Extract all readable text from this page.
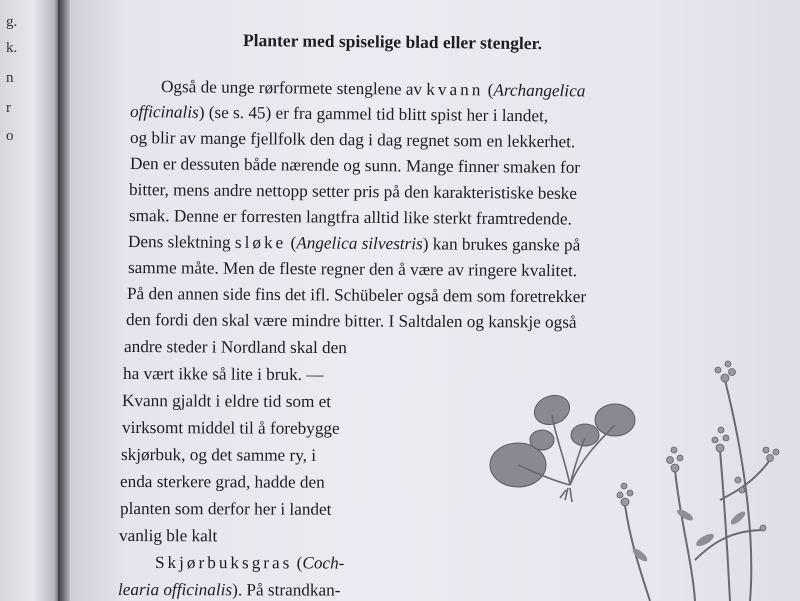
g.
k.
n
r
o
Planter med spiselige blad eller stengler.
Også de unge rørformete stenglene av kvann (Archangelica
officinalis) (se s. 45) er fra gammel tid blitt spist her i landet,
og blir av mange fjellfolk den dag i dag regnet som en lekkerhet.
Den er dessuten både nærende og sunn. Mange finner smaken for
bitter, mens andre nettopp setter pris på den karakteristiske beske
smak. Denne er forresten langtfra alltid like sterkt framtredende.
Dens slektning sløke (Angelica silvestris) kan brukes ganske på
samme måte. Men de fleste regner den å være av ringere kvalitet.
På den annen side fins det ifl. Schübeler også dem som foretrekker
den fordi den skal være mindre bitter. I Saltdalen og kanskje også
andre steder i Nordland skal den
ha vært ikke så lite i bruk. —
Kvann gjaldt i eldre tid som et
virksomt middel til å forebygge
skjørbuk, og det samme ry, i
enda sterkere grad, hadde den
planten som derfor her i landet
vanlig ble kalt
Skjørbuksgras (Coch-
learia officinalis). På strandkan-
